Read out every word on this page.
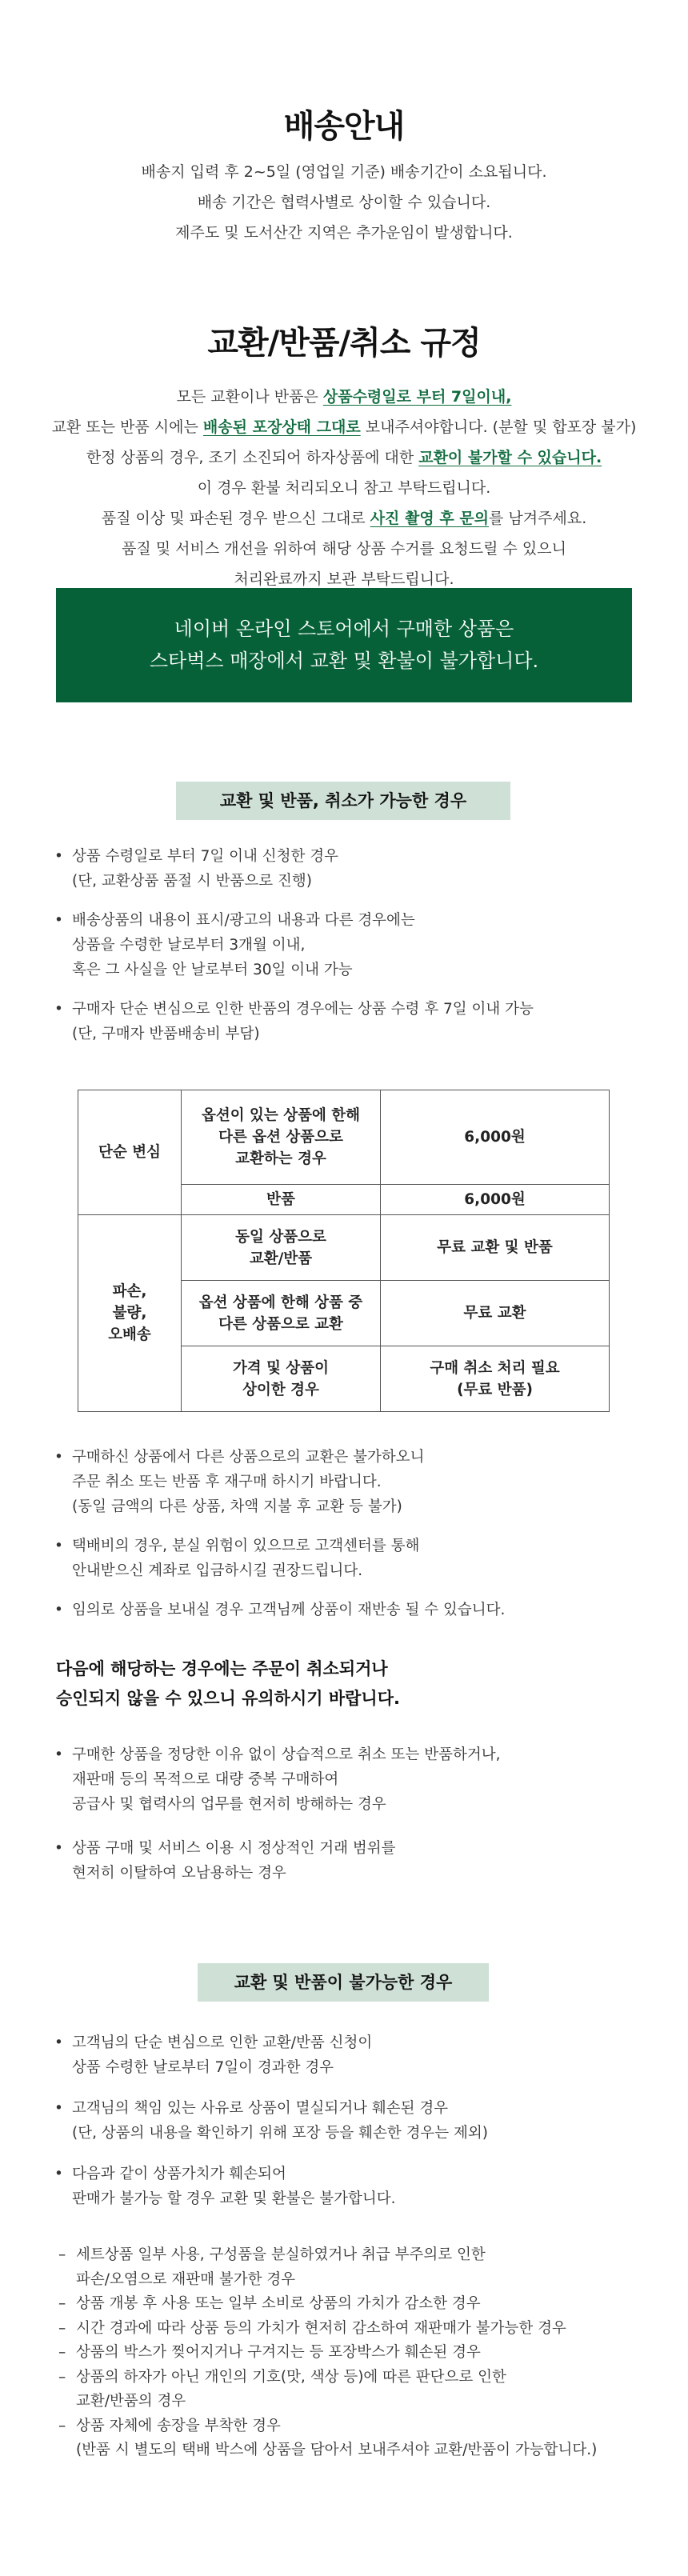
배송안내
배송지 입력 후 2~5일 (영업일 기준) 배송기간이 소요됩니다.
배송 기간은 협력사별로 상이할 수 있습니다.
제주도 및 도서산간 지역은 추가운임이 발생합니다.
교환/반품/취소 규정
모든 교환이나 반품은 상품수령일로 부터 7일이내,
교환 또는 반품 시에는 배송된 포장상태 그대로 보내주셔야합니다. (분할 및 합포장 불가)
한정 상품의 경우, 조기 소진되어 하자상품에 대한 교환이 불가할 수 있습니다.
이 경우 환불 처리되오니 참고 부탁드립니다.
품질 이상 및 파손된 경우 받으신 그대로 사진 촬영 후 문의를 남겨주세요.
품질 및 서비스 개선을 위하여 해당 상품 수거를 요청드릴 수 있으니
처리완료까지 보관 부탁드립니다.
네이버 온라인 스토어에서 구매한 상품은
스타벅스 매장에서 교환 및 환불이 불가합니다.
교환 및 반품, 취소가 가능한 경우
• 상품 수령일로 부터 7일 이내 신청한 경우
(단, 교환상품 품절 시 반품으로 진행)
• 배송상품의 내용이 표시/광고의 내용과 다른 경우에는
상품을 수령한 날로부터 3개월 이내,
혹은 그 사실을 안 날로부터 30일 이내 가능
• 구매자 단순 변심으로 인한 반품의 경우에는 상품 수령 후 7일 이내 가능
(단, 구매자 반품배송비 부담)
단순 변심	옵션이 있는 상품에 한해
다른 옵션 상품으로
교환하는 경우	6,000원
	반품	6,000원

파손,
불량,
오배송	동일 상품으로
교환/반품	무료 교환 및 반품

	옵션 상품에 한해 상품 중
다른 상품으로 교환	무료 교환

	가격 및 상품이
상이한 경우	구매 취소 처리 필요
(무료 반품)
• 구매하신 상품에서 다른 상품으로의 교환은 불가하오니
주문 취소 또는 반품 후 재구매 하시기 바랍니다.
(동일 금액의 다른 상품, 차액 지불 후 교환 등 불가)
• 택배비의 경우, 분실 위험이 있으므로 고객센터를 통해
안내받으신 계좌로 입금하시길 권장드립니다.
• 임의로 상품을 보내실 경우 고객님께 상품이 재반송 될 수 있습니다.
다음에 해당하는 경우에는 주문이 취소되거나
승인되지 않을 수 있으니 유의하시기 바랍니다.
• 구매한 상품을 정당한 이유 없이 상습적으로 취소 또는 반품하거나,
재판매 등의 목적으로 대량 중복 구매하여
공급사 및 협력사의 업무를 현저히 방해하는 경우
• 상품 구매 및 서비스 이용 시 정상적인 거래 범위를
현저히 이탈하여 오남용하는 경우
교환 및 반품이 불가능한 경우
• 고객님의 단순 변심으로 인한 교환/반품 신청이
상품 수령한 날로부터 7일이 경과한 경우
• 고객님의 책임 있는 사유로 상품이 멸실되거나 훼손된 경우
(단, 상품의 내용을 확인하기 위해 포장 등을 훼손한 경우는 제외)
• 다음과 같이 상품가치가 훼손되어
판매가 불가능 할 경우 교환 및 환불은 불가합니다.
– 세트상품 일부 사용, 구성품을 분실하였거나 취급 부주의로 인한
파손/오염으로 재판매 불가한 경우
– 상품 개봉 후 사용 또는 일부 소비로 상품의 가치가 감소한 경우
– 시간 경과에 따라 상품 등의 가치가 현저히 감소하여 재판매가 불가능한 경우
– 상품의 박스가 찢어지거나 구겨지는 등 포장박스가 훼손된 경우
– 상품의 하자가 아닌 개인의 기호(맛, 색상 등)에 따른 판단으로 인한
교환/반품의 경우
– 상품 자체에 송장을 부착한 경우
(반품 시 별도의 택배 박스에 상품을 담아서 보내주셔야 교환/반품이 가능합니다.)
